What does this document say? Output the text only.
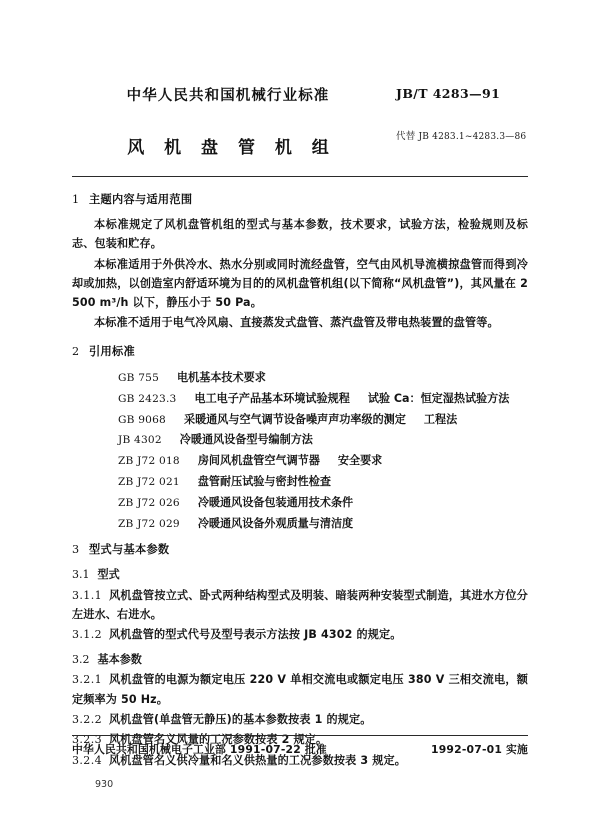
中华人民共和国机械行业标准
风 机 盘 管 机 组
JB/T 4283—91
代替 JB 4283.1~4283.3—86
1 主题内容与适用范围

本标准规定了风机盘管机组的型式与基本参数，技术要求，试验方法，检验规则及标志、包装和贮存。

本标准适用于外供冷水、热水分别或同时流经盘管，空气由风机导流横掠盘管而得到冷却或加热，以创造室内舒适环境为目的的风机盘管机组(以下简称“风机盘管”)，其风量在 2 500 m³/h 以下，静压小于 50 Pa。

本标准不适用于电气冷风扇、直接蒸发式盘管、蒸汽盘管及带电热装置的盘管等。

2 引用标准
GB 755 电机基本技术要求
GB 2423.3 电工电子产品基本环境试验规程 试验 Ca：恒定湿热试验方法
GB 9068 采暖通风与空气调节设备噪声声功率级的测定 工程法
JB 4302 冷暖通风设备型号编制方法
ZB J72 018 房间风机盘管空气调节器 安全要求
ZB J72 021 盘管耐压试验与密封性检查
ZB J72 026 冷暖通风设备包装通用技术条件
ZB J72 029 冷暖通风设备外观质量与清洁度
3 型式与基本参数
3.1 型式

3.1.1 风机盘管按立式、卧式两种结构型式及明装、暗装两种安装型式制造，其进水方位分左进水、右进水。

3.1.2 风机盘管的型式代号及型号表示方法按 JB 4302 的规定。

3.2 基本参数

3.2.1 风机盘管的电源为额定电压 220 V 单相交流电或额定电压 380 V 三相交流电，额定频率为 50 Hz。

3.2.2 风机盘管(单盘管无静压)的基本参数按表 1 的规定。

3.2.3 风机盘管名义风量的工况参数按表 2 规定。

3.2.4 风机盘管名义供冷量和名义供热量的工况参数按表 3 规定。

中华人民共和国机械电子工业部 1991-07-22 批准	1992-07-01 实施
930
